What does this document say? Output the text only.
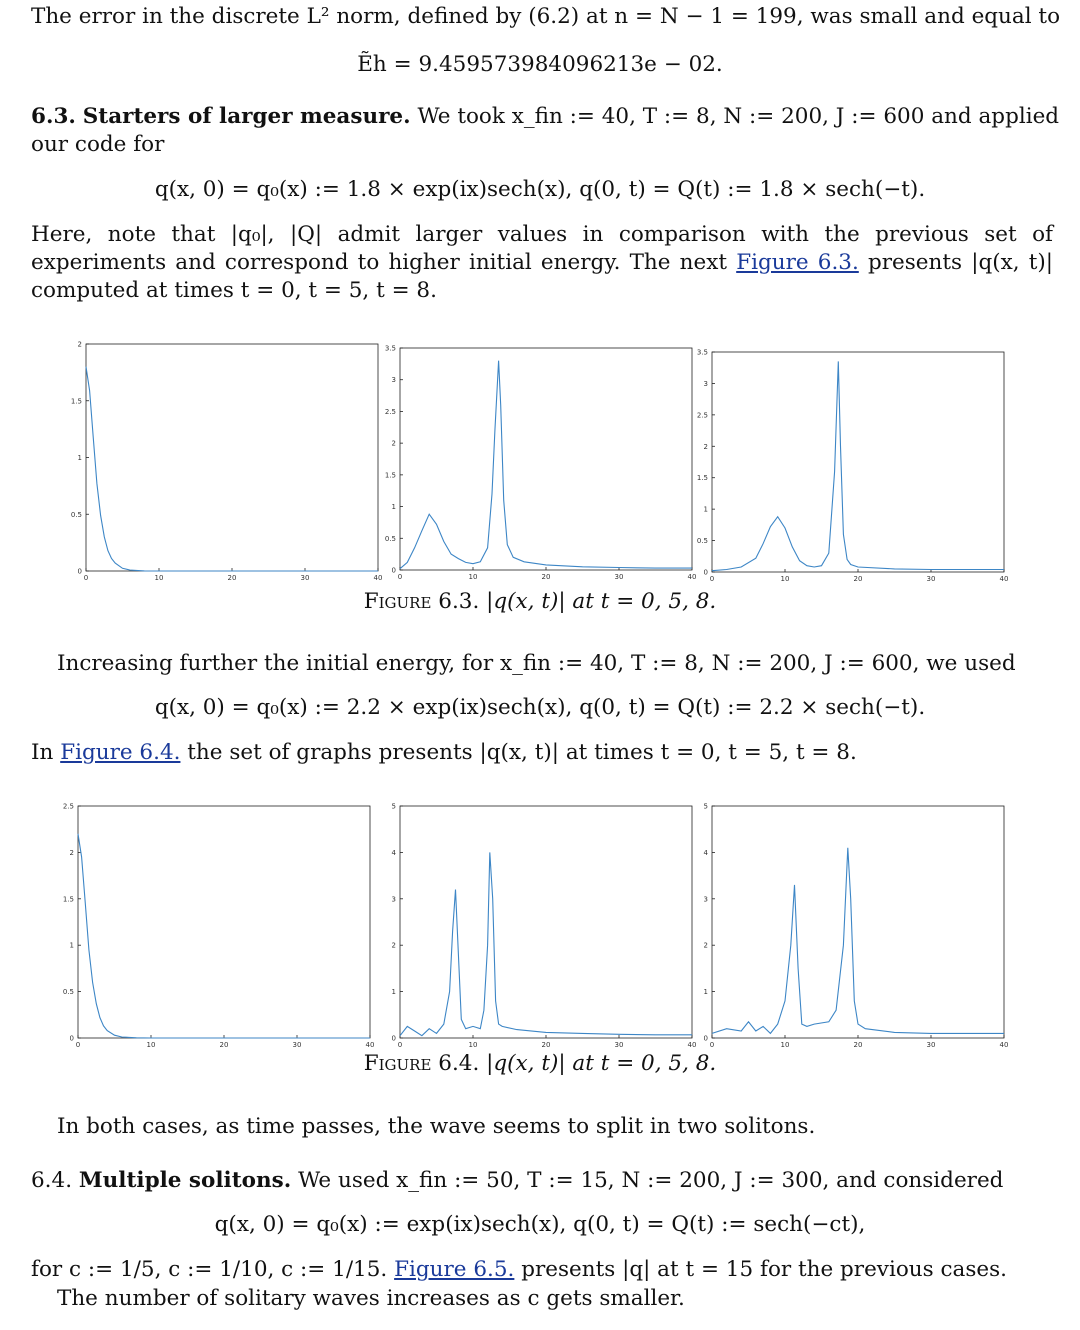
The error in the discrete L² norm, defined by (6.2) at n = N − 1 = 199, was small and equal to
Ẽh = 9.459573984096213e − 02.
6.3. Starters of larger measure. We took x_fin := 40, T := 8, N := 200, J := 600 and applied
our code for
q(x, 0) = q₀(x) := 1.8 × exp(ix)sech(x), q(0, t) = Q(t) := 1.8 × sech(−t).
Here, note that |q₀|, |Q| admit larger values in comparison with the previous set of experiments and correspond to higher initial energy. The next Figure 6.3. presents |q(x, t)| computed at times t = 0, t = 5, t = 8.
0	10	20	30	40
0
0.5
1
1.5
2
0	10	20	30	40
0
0.5
1
1.5
2
2.5
3
3.5
0	10	20	30	40
0
0.5
1
1.5
2
2.5
3
3.5
Figure 6.3. |q(x, t)| at t = 0, 5, 8.
Increasing further the initial energy, for x_fin := 40, T := 8, N := 200, J := 600, we used
q(x, 0) = q₀(x) := 2.2 × exp(ix)sech(x), q(0, t) = Q(t) := 2.2 × sech(−t).
In Figure 6.4. the set of graphs presents |q(x, t)| at times t = 0, t = 5, t = 8.
0	10	20	30	40
0
0.5
1
1.5
2
2.5
0	10	20	30	40
0
1
2
3
4
5
0	10	20	30	40
0
1
2
3
4
5
Figure 6.4. |q(x, t)| at t = 0, 5, 8.
In both cases, as time passes, the wave seems to split in two solitons.
6.4. Multiple solitons. We used x_fin := 50, T := 15, N := 200, J := 300, and considered
q(x, 0) = q₀(x) := exp(ix)sech(x), q(0, t) = Q(t) := sech(−ct),
for c := 1/5, c := 1/10, c := 1/15. Figure 6.5. presents |q| at t = 15 for the previous cases.
The number of solitary waves increases as c gets smaller.
